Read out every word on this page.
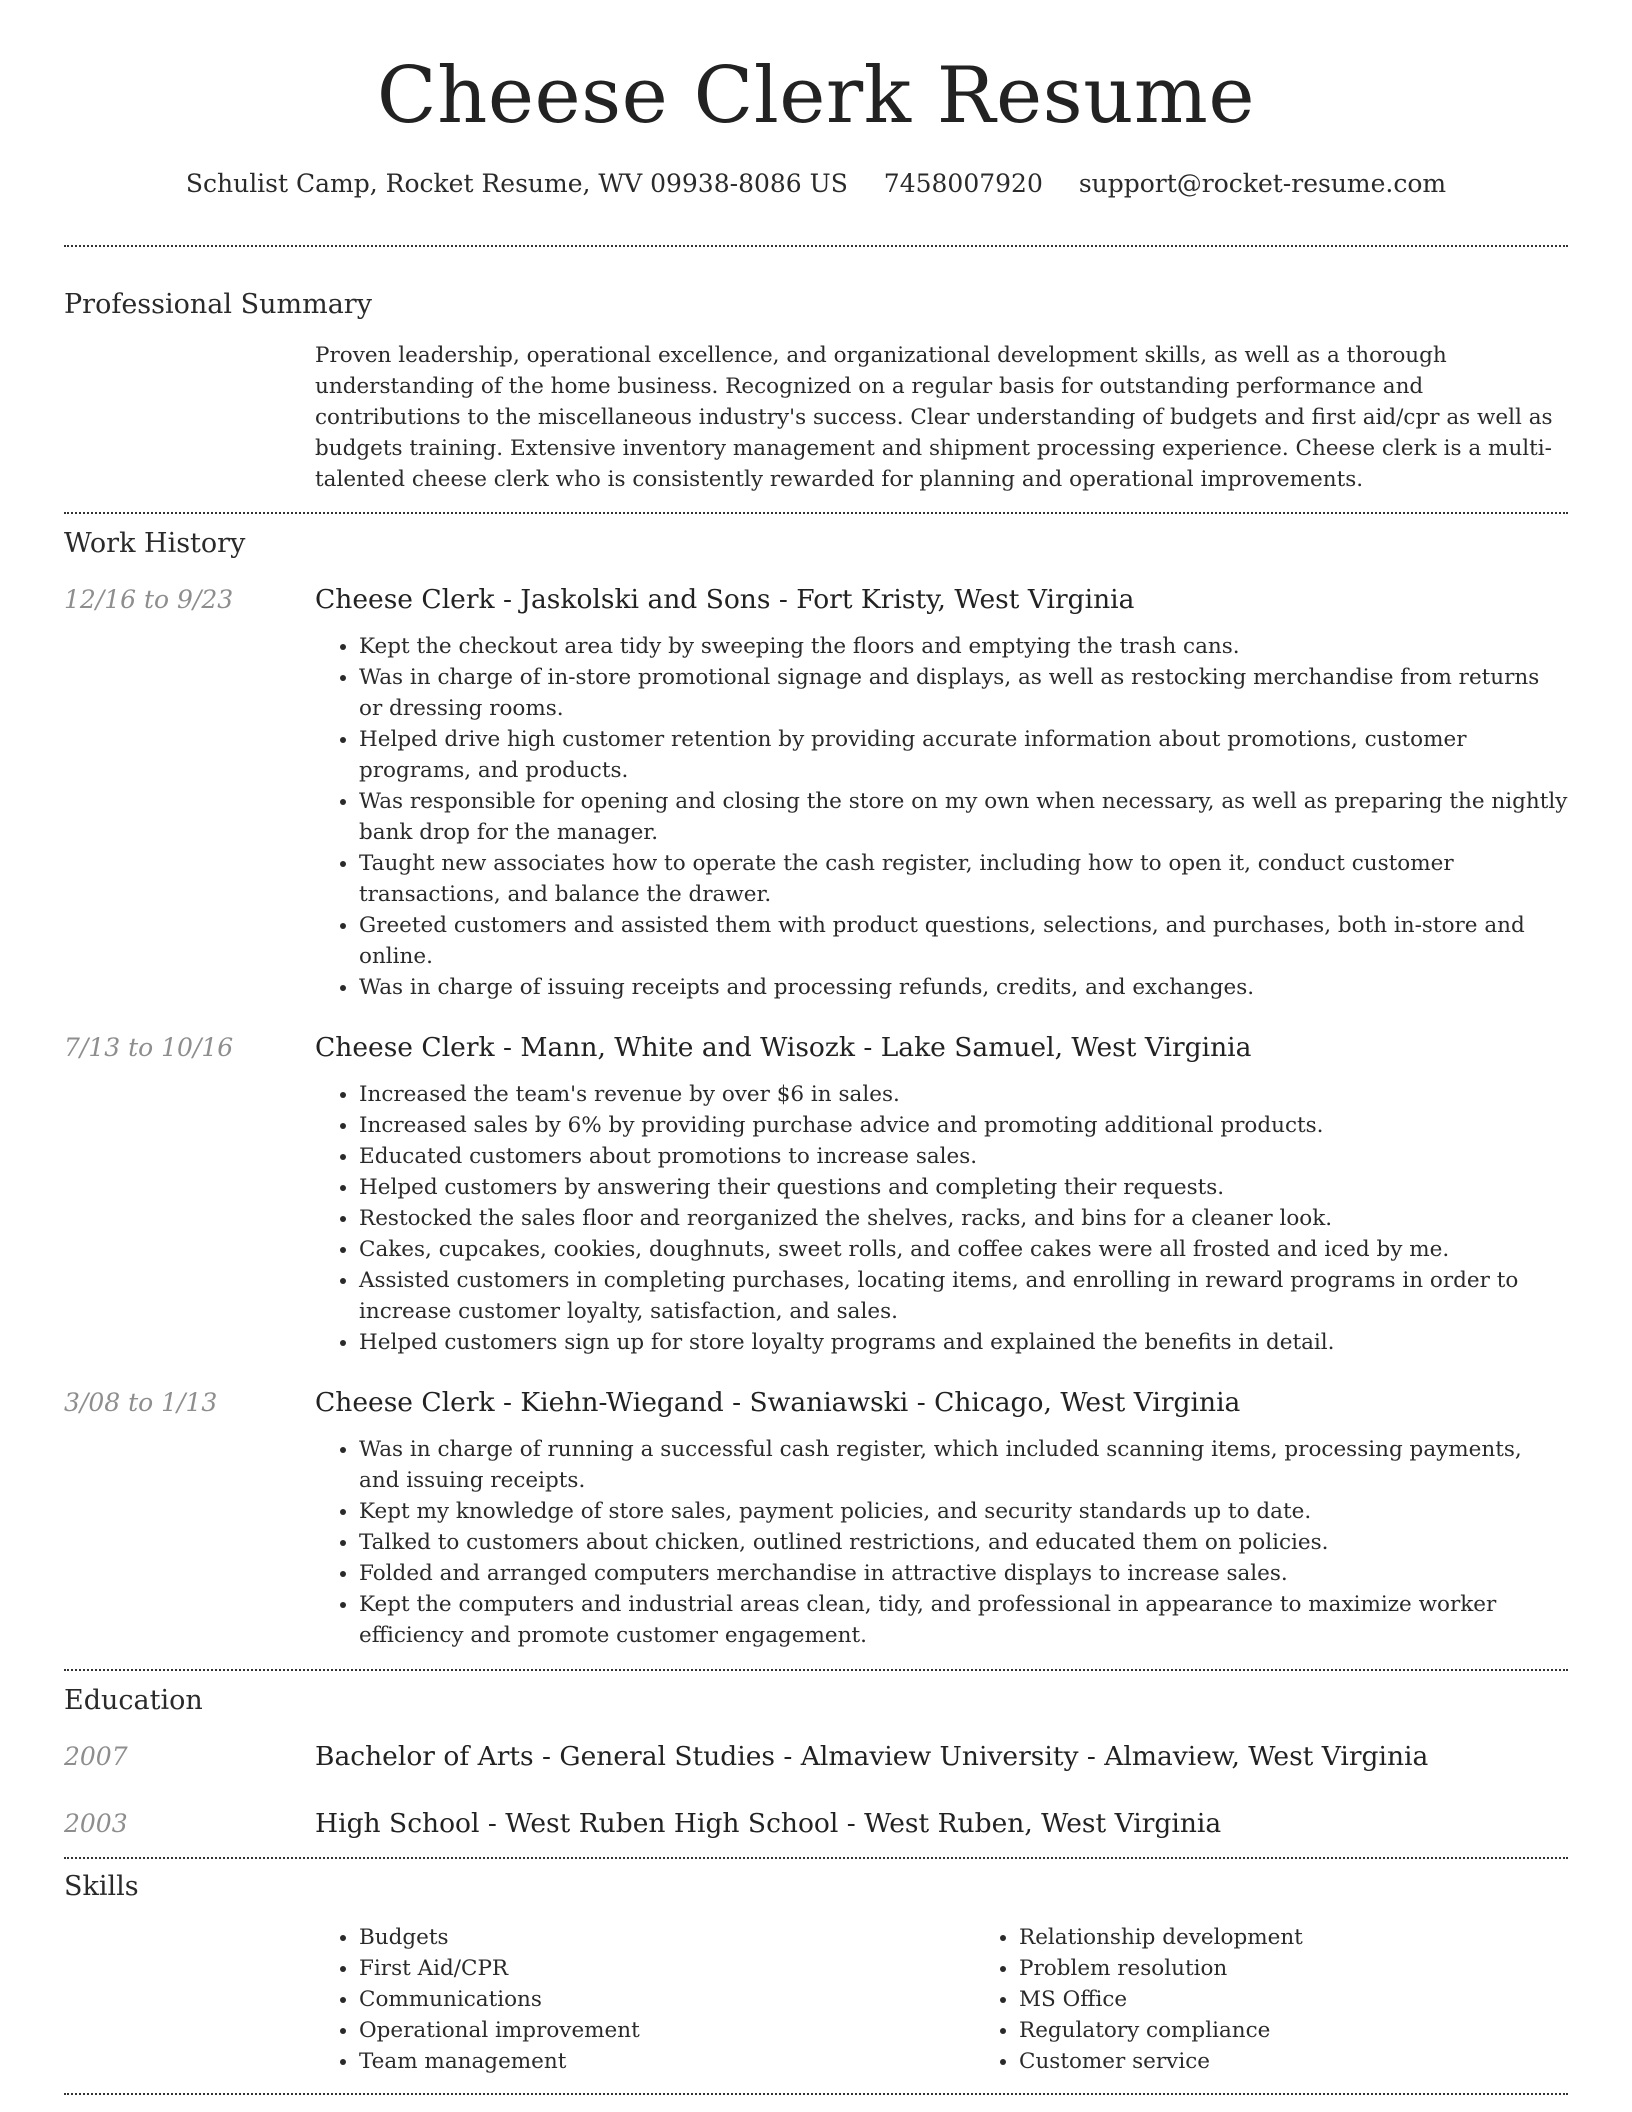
Cheese Clerk Resume
Schulist Camp, Rocket Resume, WV 09938-8086 US 7458007920 support@rocket-resume.com
Professional Summary

Proven leadership, operational excellence, and organizational development skills, as well as a thorough understanding of the home business. Recognized on a regular basis for outstanding performance and contributions to the miscellaneous industry's success. Clear understanding of budgets and first aid/cpr as well as budgets training. Extensive inventory management and shipment processing experience. Cheese clerk is a multi-talented cheese clerk who is consistently rewarded for planning and operational improvements.

Work History
12/16 to 9/23	Cheese Clerk - Jaskolski and Sons - Fort Kristy, West Virginia
• Kept the checkout area tidy by sweeping the floors and emptying the trash cans.
• Was in charge of in-store promotional signage and displays, as well as restocking merchandise from returns or dressing rooms.
• Helped drive high customer retention by providing accurate information about promotions, customer programs, and products.
• Was responsible for opening and closing the store on my own when necessary, as well as preparing the nightly bank drop for the manager.
• Taught new associates how to operate the cash register, including how to open it, conduct customer transactions, and balance the drawer.
• Greeted customers and assisted them with product questions, selections, and purchases, both in-store and online.
• Was in charge of issuing receipts and processing refunds, credits, and exchanges.
7/13 to 10/16	Cheese Clerk - Mann, White and Wisozk - Lake Samuel, West Virginia
• Increased the team's revenue by over $6 in sales.
• Increased sales by 6% by providing purchase advice and promoting additional products.
• Educated customers about promotions to increase sales.
• Helped customers by answering their questions and completing their requests.
• Restocked the sales floor and reorganized the shelves, racks, and bins for a cleaner look.
• Cakes, cupcakes, cookies, doughnuts, sweet rolls, and coffee cakes were all frosted and iced by me.
• Assisted customers in completing purchases, locating items, and enrolling in reward programs in order to increase customer loyalty, satisfaction, and sales.
• Helped customers sign up for store loyalty programs and explained the benefits in detail.
3/08 to 1/13	Cheese Clerk - Kiehn-Wiegand - Swaniawski - Chicago, West Virginia
• Was in charge of running a successful cash register, which included scanning items, processing payments, and issuing receipts.
• Kept my knowledge of store sales, payment policies, and security standards up to date.
• Talked to customers about chicken, outlined restrictions, and educated them on policies.
• Folded and arranged computers merchandise in attractive displays to increase sales.
• Kept the computers and industrial areas clean, tidy, and professional in appearance to maximize worker efficiency and promote customer engagement.
Education
2007	Bachelor of Arts - General Studies - Almaview University - Almaview, West Virginia
2003	High School - West Ruben High School - West Ruben, West Virginia
Skills
• Budgets
• First Aid/CPR
• Communications
• Operational improvement
• Team management
• Relationship development
• Problem resolution
• MS Office
• Regulatory compliance
• Customer service
